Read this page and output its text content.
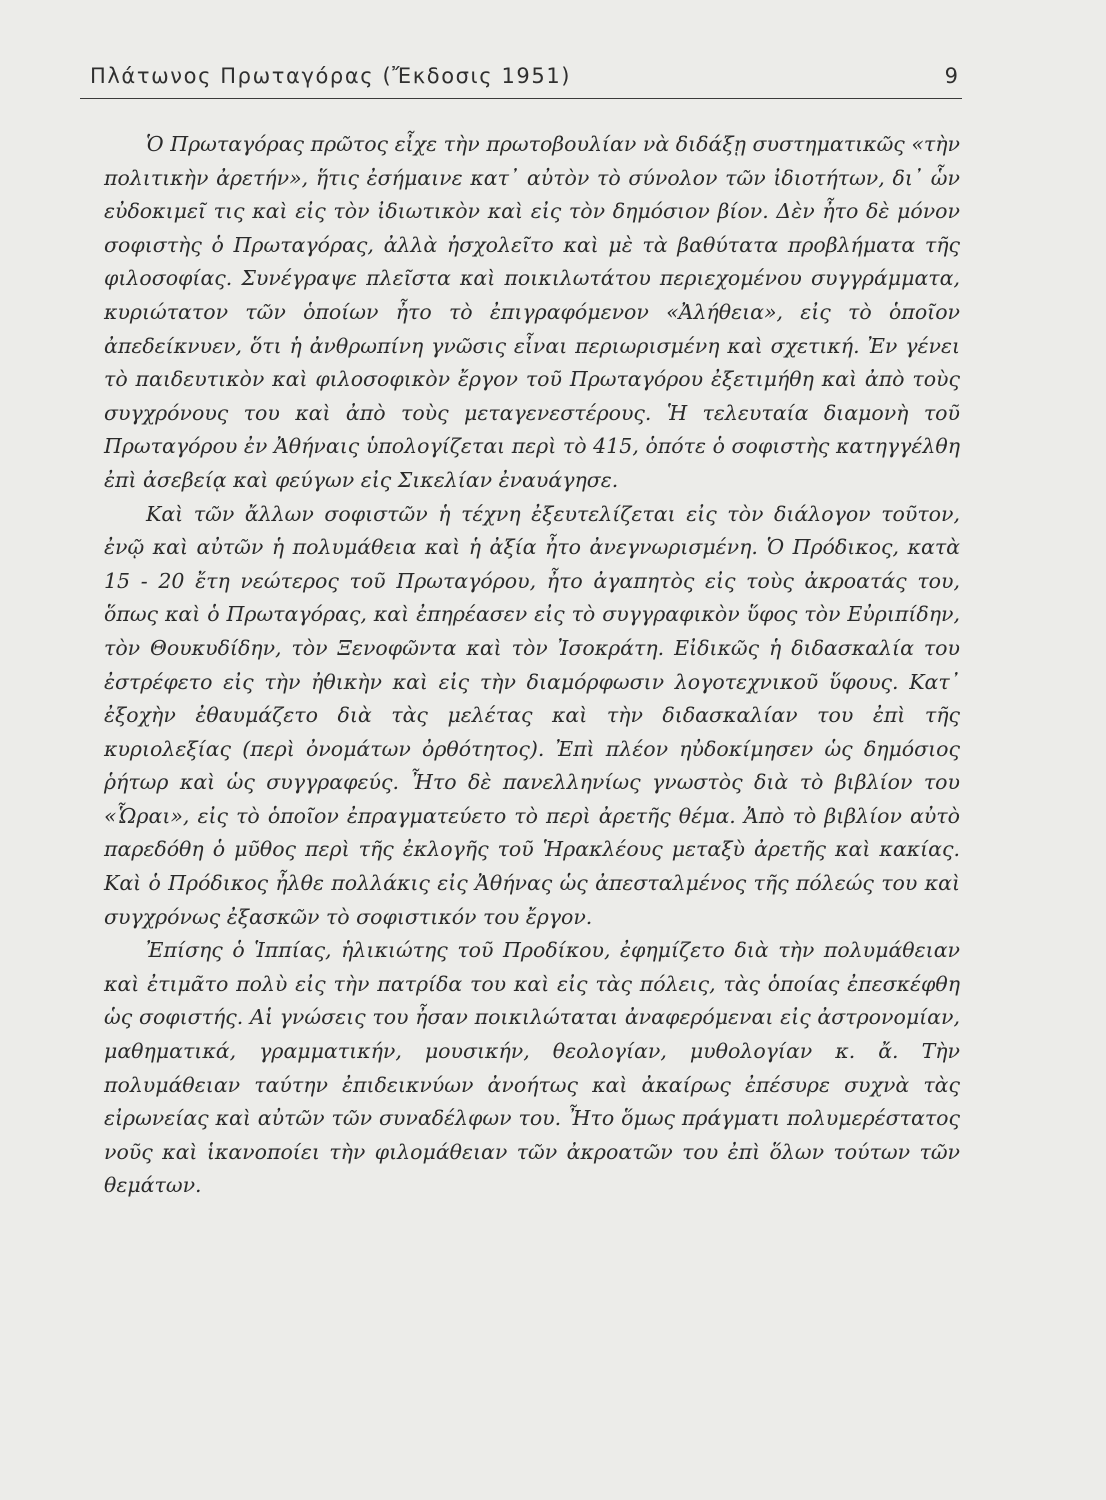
Πλάτωνος Πρωταγόρας (Ἔκδοσις 1951)	9

Ὁ Πρωταγόρας πρῶτος εἶχε τὴν πρωτοβουλίαν νὰ διδάξῃ συστηματικῶς «τὴν πολιτικὴν ἀρετήν», ἥτις ἐσήμαινε κατ᾽ αὐτὸν τὸ σύνολον τῶν ἰδιοτήτων, δι᾽ ὧν εὐδοκιμεῖ τις καὶ εἰς τὸν ἰδιωτικὸν καὶ εἰς τὸν δημόσιον βίον. Δὲν ἦτο δὲ μόνον σοφιστὴς ὁ Πρωταγόρας, ἀλλὰ ἠσχολεῖτο καὶ μὲ τὰ βαθύτατα προβλήματα τῆς φιλοσοφίας. Συνέγραψε πλεῖστα καὶ ποικιλωτάτου περιεχομένου συγγράμματα, κυριώτατον τῶν ὁποίων ἦτο τὸ ἐπιγραφόμενον «Ἀλήθεια», εἰς τὸ ὁποῖον ἀπεδείκνυεν, ὅτι ἡ ἀνθρωπίνη γνῶσις εἶναι περιωρισμένη καὶ σχετική. Ἐν γένει τὸ παιδευτικὸν καὶ φιλοσοφικὸν ἔργον τοῦ Πρωταγόρου ἐξετιμήθη καὶ ἀπὸ τοὺς συγχρόνους του καὶ ἀπὸ τοὺς μεταγενεστέρους. Ἡ τελευταία διαμονὴ τοῦ Πρωταγόρου ἐν Ἀθήναις ὑπολογίζεται περὶ τὸ 415, ὁπότε ὁ σοφιστὴς κατηγγέλθη ἐπὶ ἀσεβείᾳ καὶ φεύγων εἰς Σικελίαν ἐναυάγησε.

Καὶ τῶν ἄλλων σοφιστῶν ἡ τέχνη ἐξευτελίζεται εἰς τὸν διάλογον τοῦτον, ἐνῷ καὶ αὐτῶν ἡ πολυμάθεια καὶ ἡ ἀξία ἦτο ἀνεγνωρισμένη. Ὁ Πρόδικος, κατὰ 15 - 20 ἔτη νεώτερος τοῦ Πρωταγόρου, ἦτο ἀγαπητὸς εἰς τοὺς ἀκροατάς του, ὅπως καὶ ὁ Πρωταγόρας, καὶ ἐπηρέασεν εἰς τὸ συγγραφικὸν ὕφος τὸν Εὐριπίδην, τὸν Θουκυδίδην, τὸν Ξενοφῶντα καὶ τὸν Ἰσοκράτη. Εἰδικῶς ἡ διδασκαλία του ἐστρέφετο εἰς τὴν ἠθικὴν καὶ εἰς τὴν διαμόρφωσιν λογοτεχνικοῦ ὕφους. Κατ᾽ ἐξοχὴν ἐθαυμάζετο διὰ τὰς μελέτας καὶ τὴν διδασκαλίαν του ἐπὶ τῆς κυριολεξίας (περὶ ὀνομάτων ὀρθότητος). Ἐπὶ πλέον ηὐδοκίμησεν ὡς δημόσιος ῥήτωρ καὶ ὡς συγγραφεύς. Ἦτο δὲ πανελληνίως γνωστὸς διὰ τὸ βιβλίον του «Ὧραι», εἰς τὸ ὁποῖον ἐπραγματεύετο τὸ περὶ ἀρετῆς θέμα. Ἀπὸ τὸ βιβλίον αὐτὸ παρεδόθη ὁ μῦθος περὶ τῆς ἐκλογῆς τοῦ Ἡρακλέους μεταξὺ ἀρετῆς καὶ κακίας. Καὶ ὁ Πρόδικος ἦλθε πολλάκις εἰς Ἀθήνας ὡς ἀπεσταλμένος τῆς πόλεώς του καὶ συγχρόνως ἐξασκῶν τὸ σοφιστικόν του ἔργον.

Ἐπίσης ὁ Ἱππίας, ἡλικιώτης τοῦ Προδίκου, ἐφημίζετο διὰ τὴν πολυμάθειαν καὶ ἐτιμᾶτο πολὺ εἰς τὴν πατρίδα του καὶ εἰς τὰς πόλεις, τὰς ὁποίας ἐπεσκέφθη ὡς σοφιστής. Αἱ γνώσεις του ἦσαν ποικιλώταται ἀναφερόμεναι εἰς ἀστρονομίαν, μαθηματικά, γραμματικήν, μουσικήν, θεολογίαν, μυθολογίαν κ. ἄ. Τὴν πολυμάθειαν ταύτην ἐπιδεικνύων ἀνοήτως καὶ ἀκαίρως ἐπέσυρε συχνὰ τὰς εἰρωνείας καὶ αὐτῶν τῶν συναδέλφων του. Ἦτο ὅμως πράγματι πολυμερέστατος νοῦς καὶ ἱκανοποίει τὴν φιλομάθειαν τῶν ἀκροατῶν του ἐπὶ ὅλων τούτων τῶν θεμάτων.
